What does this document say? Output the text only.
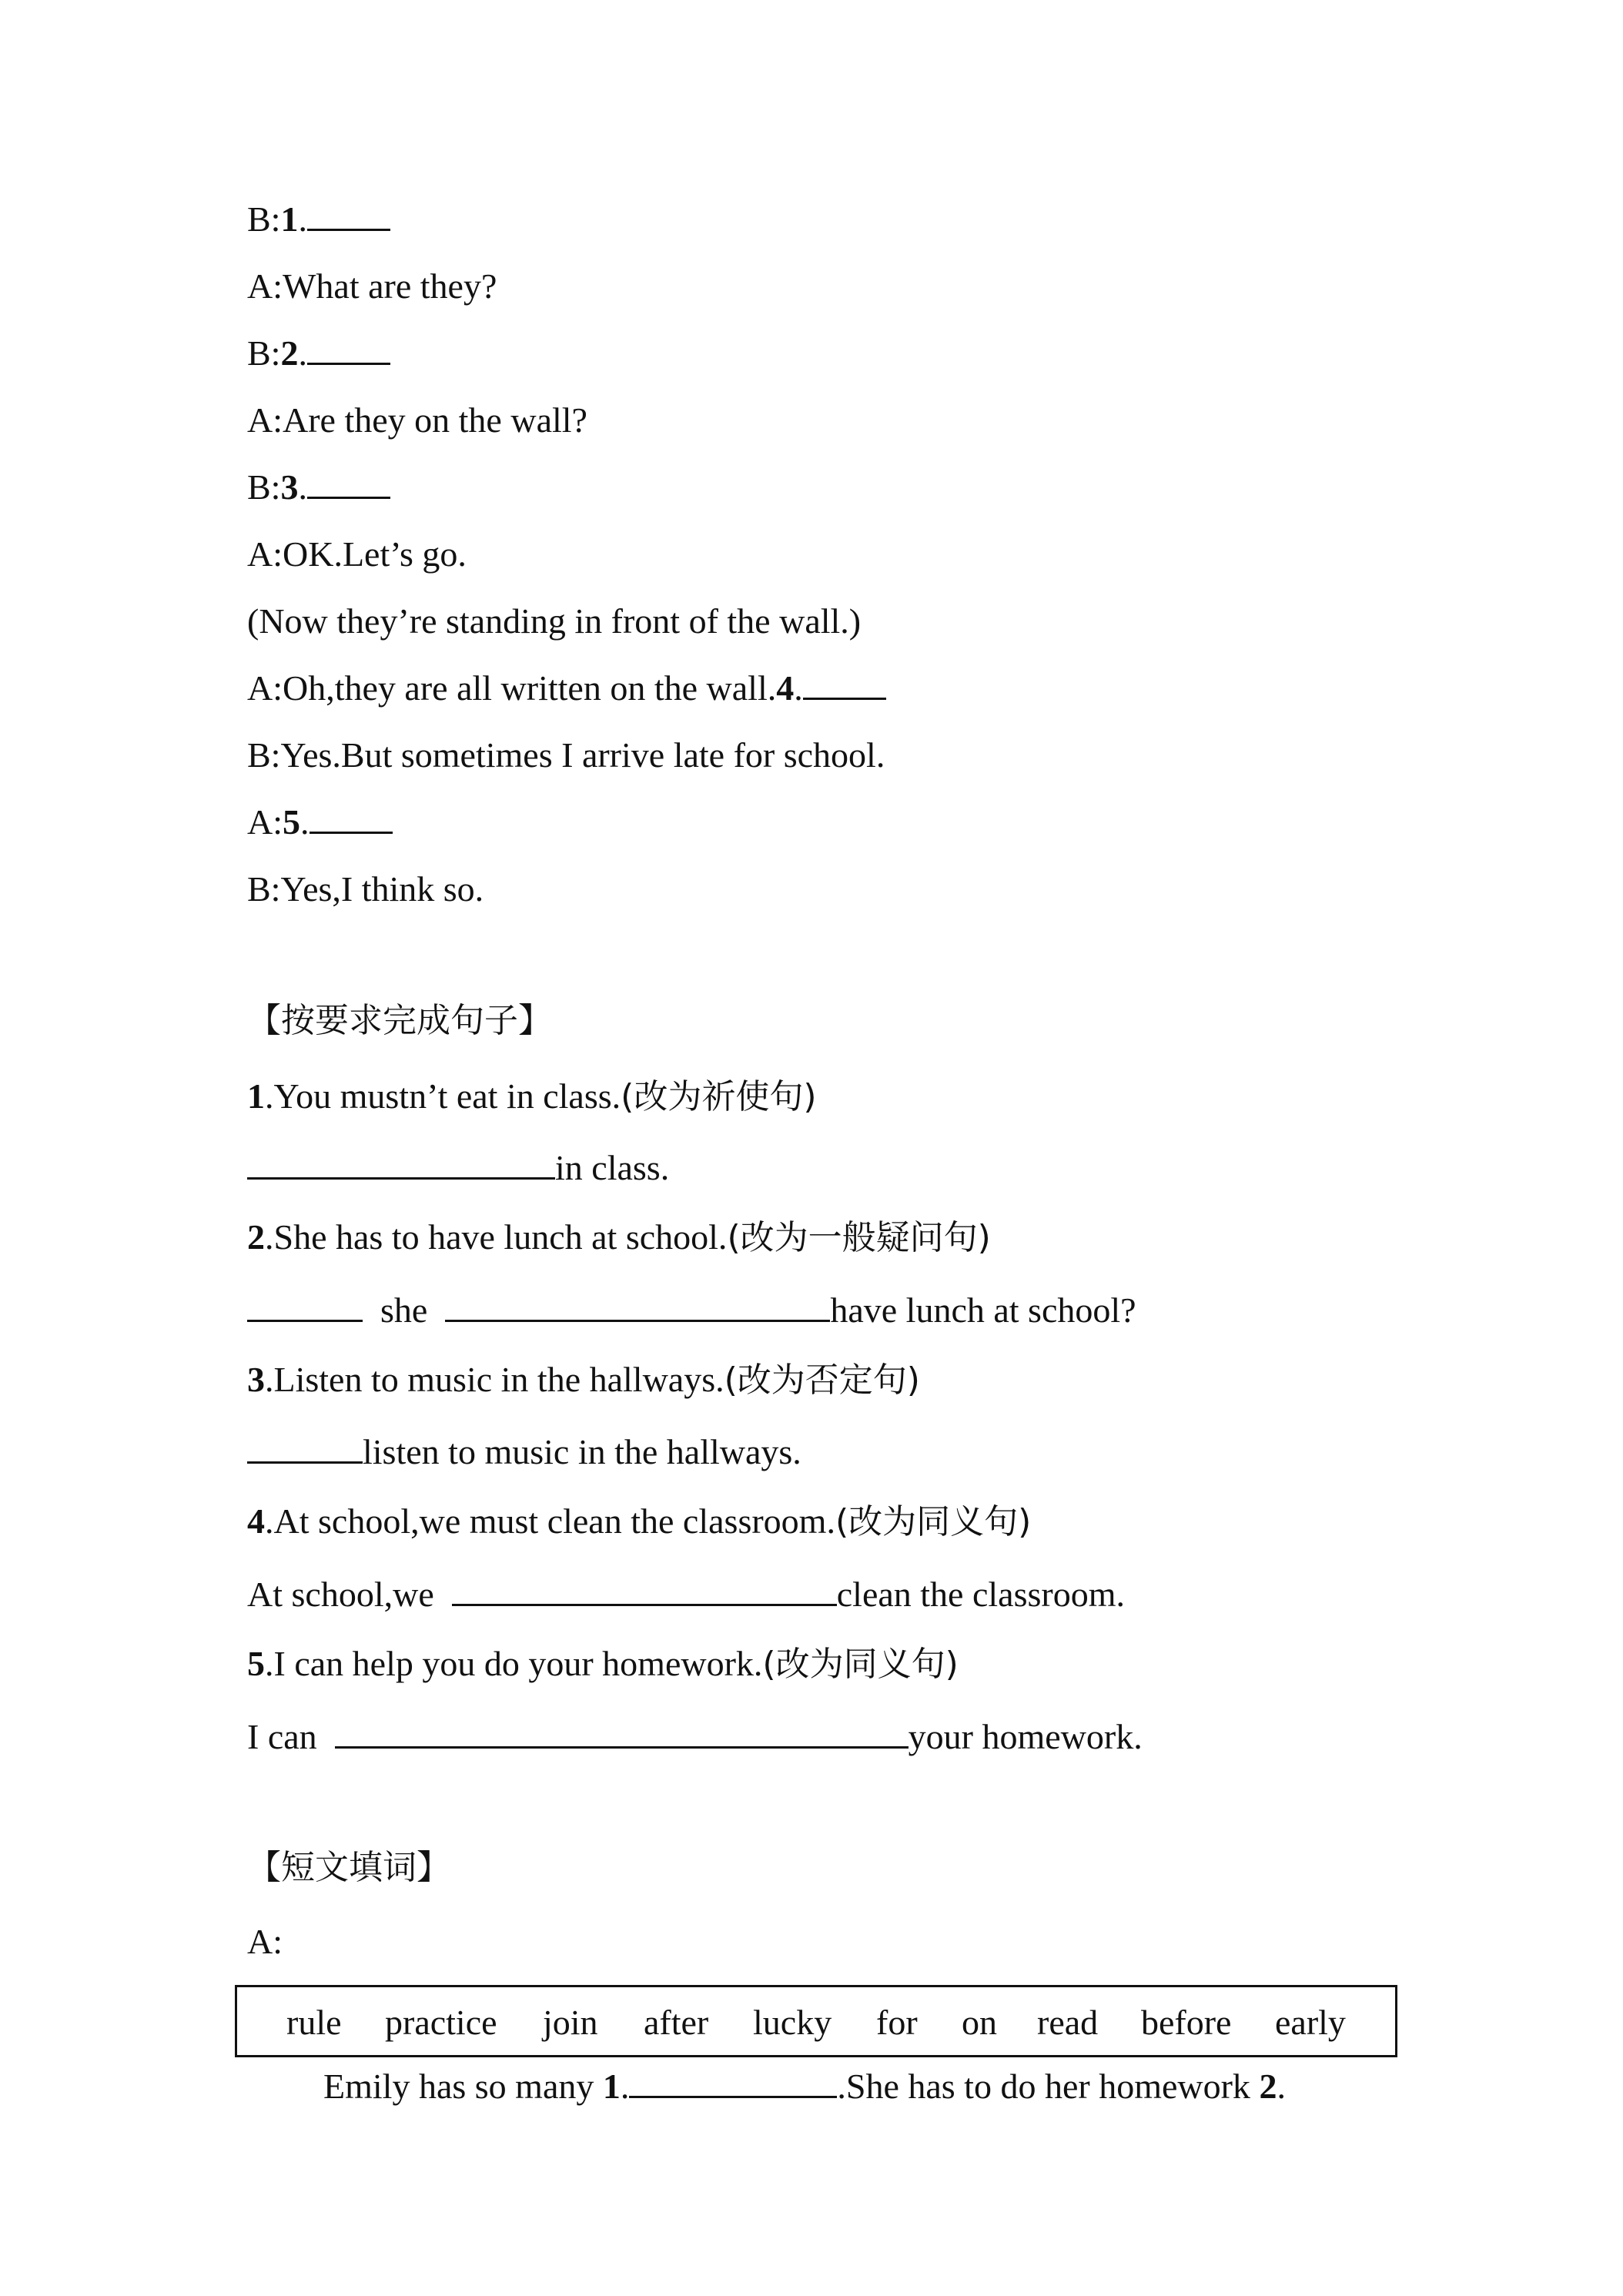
B:1.
A:What are they?
B:2.
A:Are they on the wall?
B:3.
A:OK.Let’s go.
(Now they’re standing in front of the wall.)
A:Oh,they are all written on the wall.4.
B:Yes.But sometimes I arrive late for school.
A:5.
B:Yes,I think so.
【按要求完成句子】
1.You mustn’t eat in class.(改为祈使句)
in class.
2.She has to have lunch at school.(改为一般疑问句)
she	have lunch at school?
3.Listen to music in the hallways.(改为否定句)
listen to music in the hallways.
4.At school,we must clean the classroom.(改为同义句)
At school,we	clean the classroom.
5.I can help you do your homework.(改为同义句)
I can	your homework.
【短文填词】
A:
rule practice join after lucky for on read before early
Emily has so many 1.	.She has to do her homework 2.
